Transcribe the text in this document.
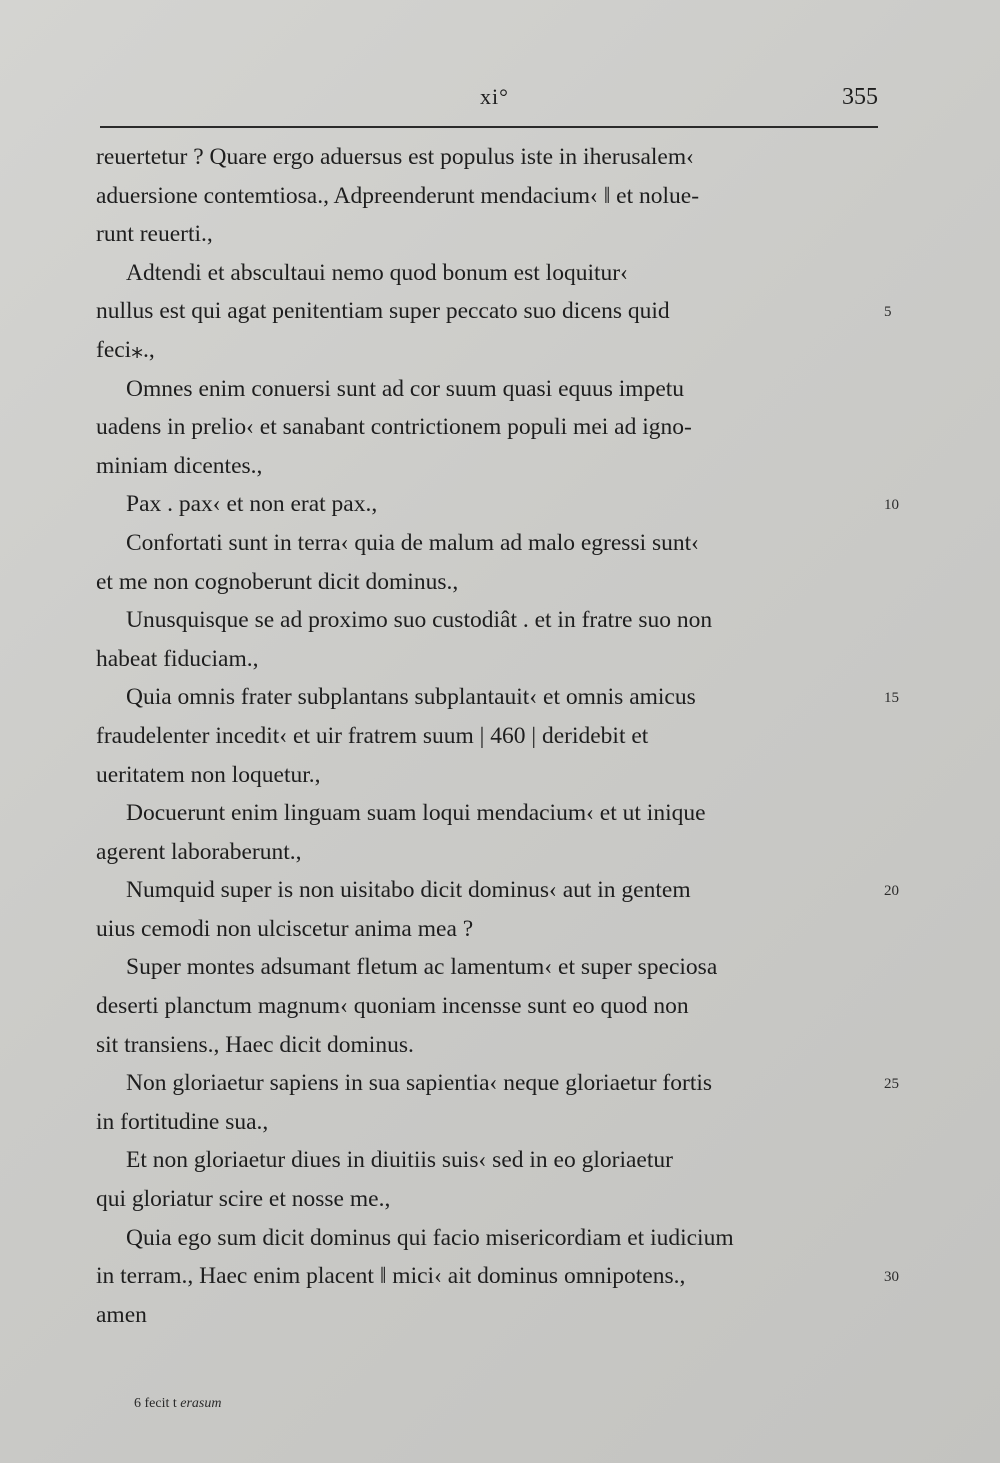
xi°	355
reuertetur ? Quare ergo aduersus est populus iste in iherusalem‹
aduersione contemtiosa., Adpreenderunt mendacium‹ ‖ et nolue-
runt reuerti.,
Adtendi et abscultaui nemo quod bonum est loquitur‹
nullus est qui agat penitentiam super peccato suo dicens quid
feci⁎.,
Omnes enim conuersi sunt ad cor suum quasi equus impetu
uadens in prelio‹ et sanabant contrictionem populi mei ad igno-
miniam dicentes.,
Pax . pax‹ et non erat pax.,
Confortati sunt in terra‹ quia de malum ad malo egressi sunt‹
et me non cognoberunt dicit dominus.,
Unusquisque se ad proximo suo custodiât . et in fratre suo non
habeat fiduciam.,
Quia omnis frater subplantans subplantauit‹ et omnis amicus
fraudelenter incedit‹ et uir fratrem suum | 460 | deridebit et
ueritatem non loquetur.,
Docuerunt enim linguam suam loqui mendacium‹ et ut inique
agerent laboraberunt.,
Numquid super is non uisitabo dicit dominus‹ aut in gentem
uius cemodi non ulciscetur anima mea ?
Super montes adsumant fletum ac lamentum‹ et super speciosa
deserti planctum magnum‹ quoniam incensse sunt eo quod non
sit transiens., Haec dicit dominus.
Non gloriaetur sapiens in sua sapientia‹ neque gloriaetur fortis
in fortitudine sua.,
Et non gloriaetur diues in diuitiis suis‹ sed in eo gloriaetur
qui gloriatur scire et nosse me.,
Quia ego sum dicit dominus qui facio misericordiam et iudicium
in terram., Haec enim placent ‖ mici‹ ait dominus omnipotens.,
amen
5
10
15
20
25
30
6 fecit t erasum
